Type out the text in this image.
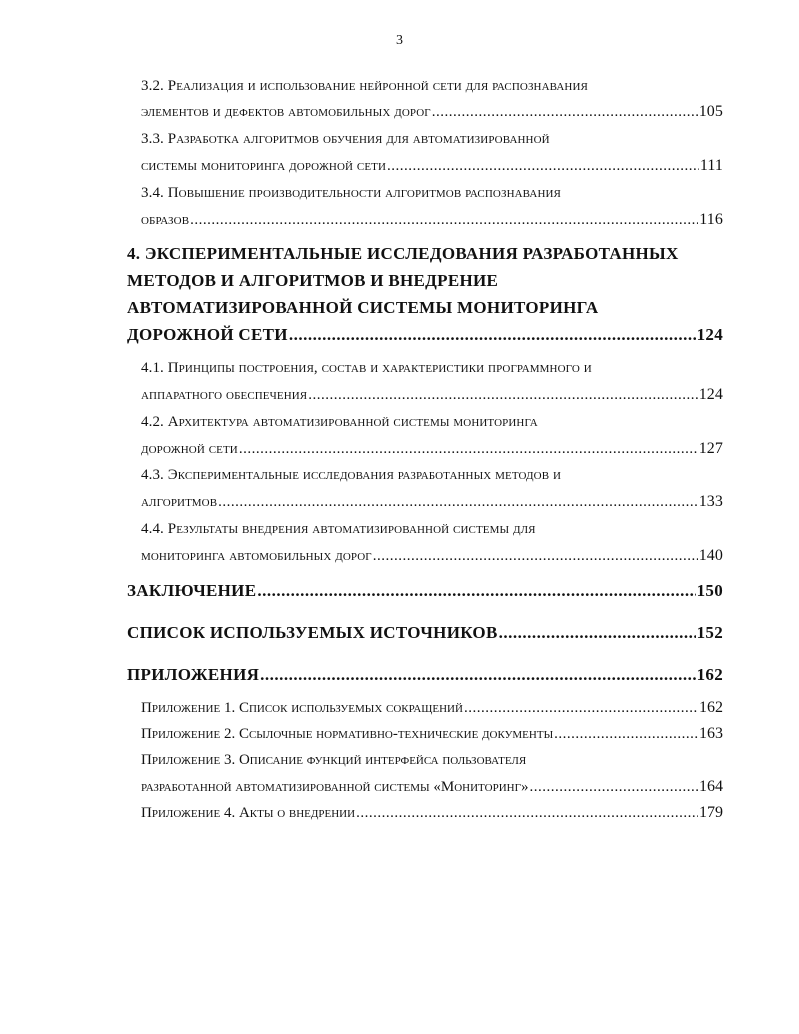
3
3.2. Реализация и использование нейронной сети для распознавания
элементов и дефектов автомобильных дорог .....	105
3.3. Разработка алгоритмов обучения для автоматизированной
системы мониторинга дорожной сети .....	111
3.4. Повышение производительности алгоритмов распознавания
образов .....	116
4. ЭКСПЕРИМЕНТАЛЬНЫЕ ИССЛЕДОВАНИЯ РАЗРАБОТАННЫХ
МЕТОДОВ И АЛГОРИТМОВ И ВНЕДРЕНИЕ
АВТОМАТИЗИРОВАННОЙ СИСТЕМЫ МОНИТОРИНГА
ДОРОЖНОЙ СЕТИ .....	124
4.1. Принципы построения, состав и характеристики программного и
аппаратного обеспечения .....	124
4.2. Архитектура автоматизированной системы мониторинга
дорожной сети .....	127
4.3. Экспериментальные исследования разработанных методов и
алгоритмов .....	133
4.4. Результаты внедрения автоматизированной системы для
мониторинга автомобильных дорог .....	140
ЗАКЛЮЧЕНИЕ .....	150
СПИСОК ИСПОЛЬЗУЕМЫХ ИСТОЧНИКОВ .....	152
ПРИЛОЖЕНИЯ .....	162
Приложение 1. Список используемых сокращений .....	162
Приложение 2. Ссылочные нормативно-технические документы .....	163
Приложение 3. Описание функций интерфейса пользователя
разработанной автоматизированной системы «Мониторинг» .....	164
Приложение 4. Акты о внедрении .....	179
